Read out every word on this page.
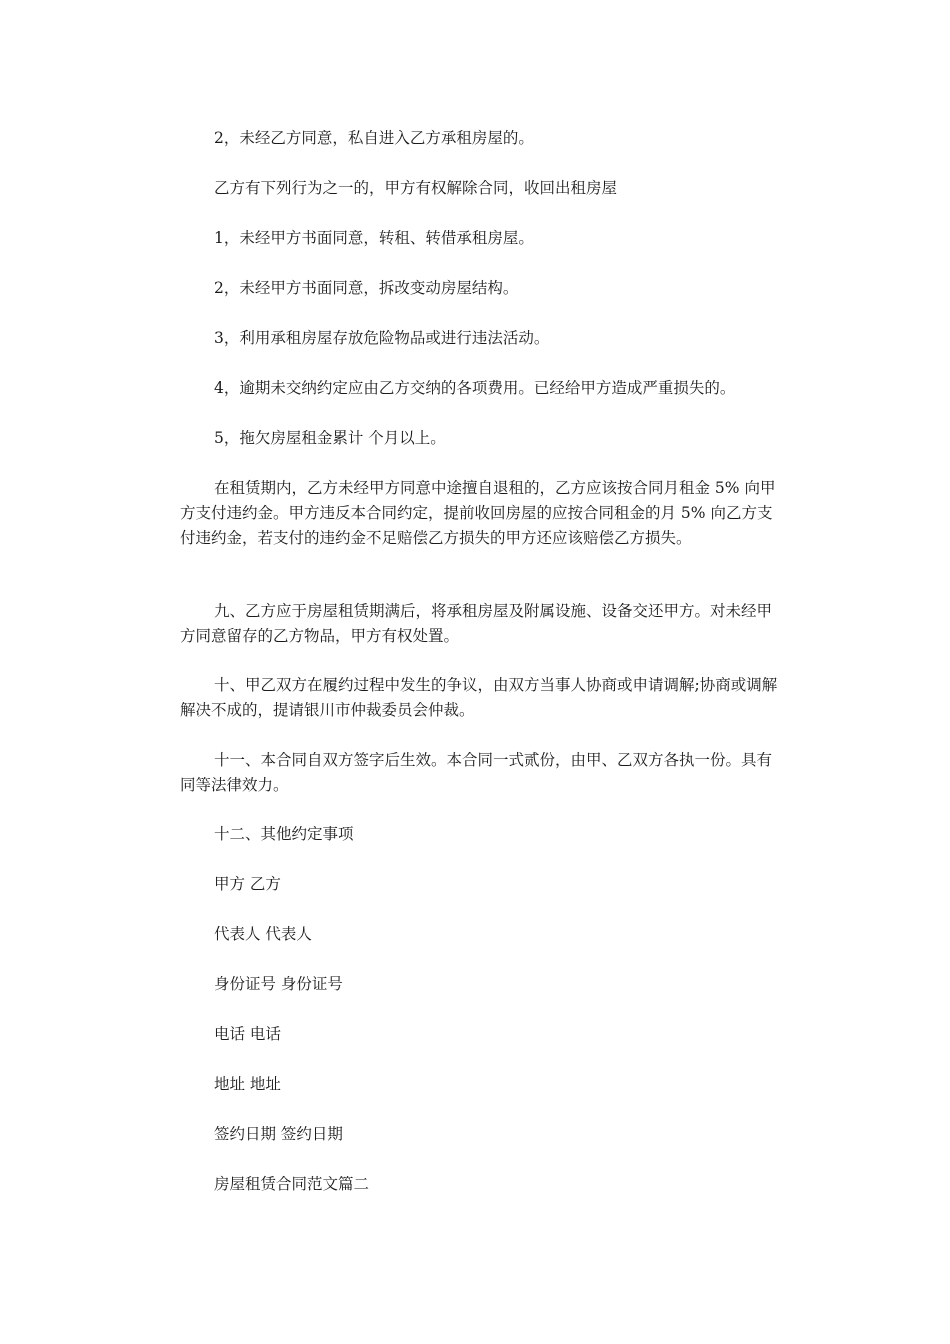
2，未经乙方同意，私自进入乙方承租房屋的。

乙方有下列行为之一的，甲方有权解除合同，收回出租房屋

1，未经甲方书面同意，转租、转借承租房屋。

2，未经甲方书面同意，拆改变动房屋结构。

3，利用承租房屋存放危险物品或进行违法活动。

4，逾期未交纳约定应由乙方交纳的各项费用。已经给甲方造成严重损失的。

5，拖欠房屋租金累计 个月以上。

在租赁期内，乙方未经甲方同意中途擅自退租的，乙方应该按合同月租金 5% 向甲方支付违约金。甲方违反本合同约定，提前收回房屋的应按合同租金的月 5% 向乙方支付违约金，若支付的违约金不足赔偿乙方损失的甲方还应该赔偿乙方损失。

九、乙方应于房屋租赁期满后，将承租房屋及附属设施、设备交还甲方。对未经甲方同意留存的乙方物品，甲方有权处置。

十、甲乙双方在履约过程中发生的争议，由双方当事人协商或申请调解;协商或调解解决不成的，提请银川市仲裁委员会仲裁。

十一、本合同自双方签字后生效。本合同一式贰份，由甲、乙双方各执一份。具有同等法律效力。

十二、其他约定事项

甲方 乙方

代表人 代表人

身份证号 身份证号

电话 电话

地址 地址

签约日期 签约日期

房屋租赁合同范文篇二
